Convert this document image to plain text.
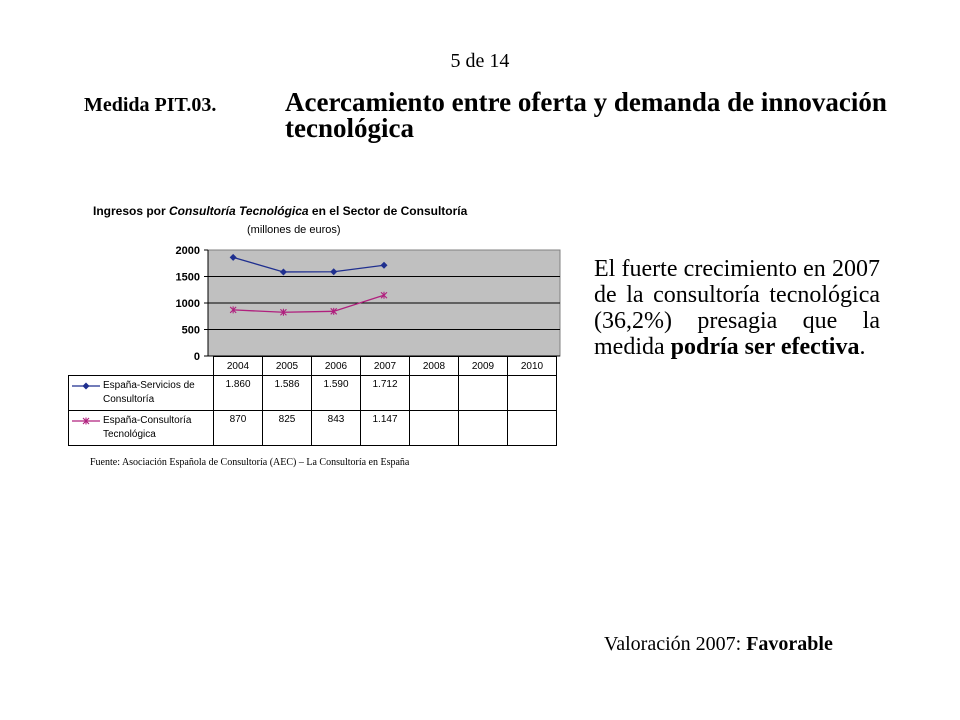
5 de 14
Medida PIT.03.	Acercamiento entre oferta y demanda de innovación tecnológica
Ingresos por Consultoría Tecnológica en el Sector de Consultoría
(millones de euros)
0
500
1000
1500
2000
	2004	2005	2006	2007	2008	2009	2010
España-Servicios de
Consultoría	1.860	1.586	1.590	1.712			
España-Consultoría
Tecnológica	870	825	843	1.147			
Fuente: Asociación Española de Consultoría (AEC) – La Consultoría en España
El fuerte crecimiento en 2007 de la consultoría tecnológica (36,2%) presagia que la medida podría ser efectiva.
Valoración 2007: Favorable
